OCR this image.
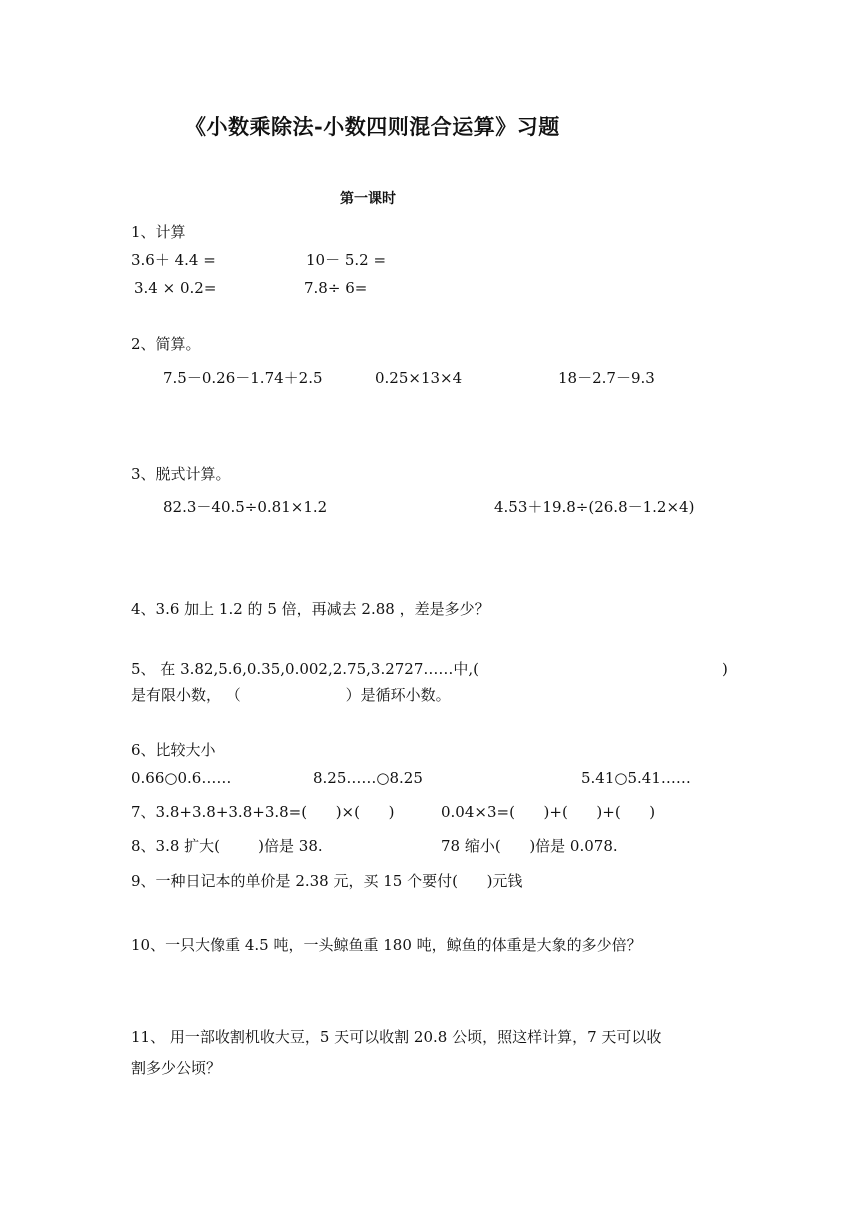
《小数乘除法-小数四则混合运算》习题
第一课时
1、计算
3.6＋ 4.4 =	10－ 5.2 =
3.4 × 0.2=	7.8÷ 6=
2、简算。
7.5－0.26－1.74＋2.5	0.25×13×4	18－2.7－9.3
3、脱式计算。
82.3－40.5÷0.81×1.2	4.53＋19.8÷(26.8－1.2×4)
4、3.6 加上 1.2 的 5 倍，再减去 2.88 ，差是多少？
5、 在 3.82,5.6,0.35,0.002,2.75,3.2727……中,(	)
是有限小数， （                      ）是循环小数。
6、比较大小
0.66○0.6……	8.25……○8.25	5.41○5.41……
7、3.8+3.8+3.8+3.8=(      )×(      )	0.04×3=(      )+(      )+(      )
8、3.8 扩大(        )倍是 38.	78 缩小(      )倍是 0.078.
9、一种日记本的单价是 2.38 元，买 15 个要付(      )元钱
10、一只大像重 4.5 吨，一头鲸鱼重 180 吨，鲸鱼的体重是大象的多少倍？
11、 用一部收割机收大豆，5 天可以收割 20.8 公顷，照这样计算，7 天可以收
割多少公顷？
